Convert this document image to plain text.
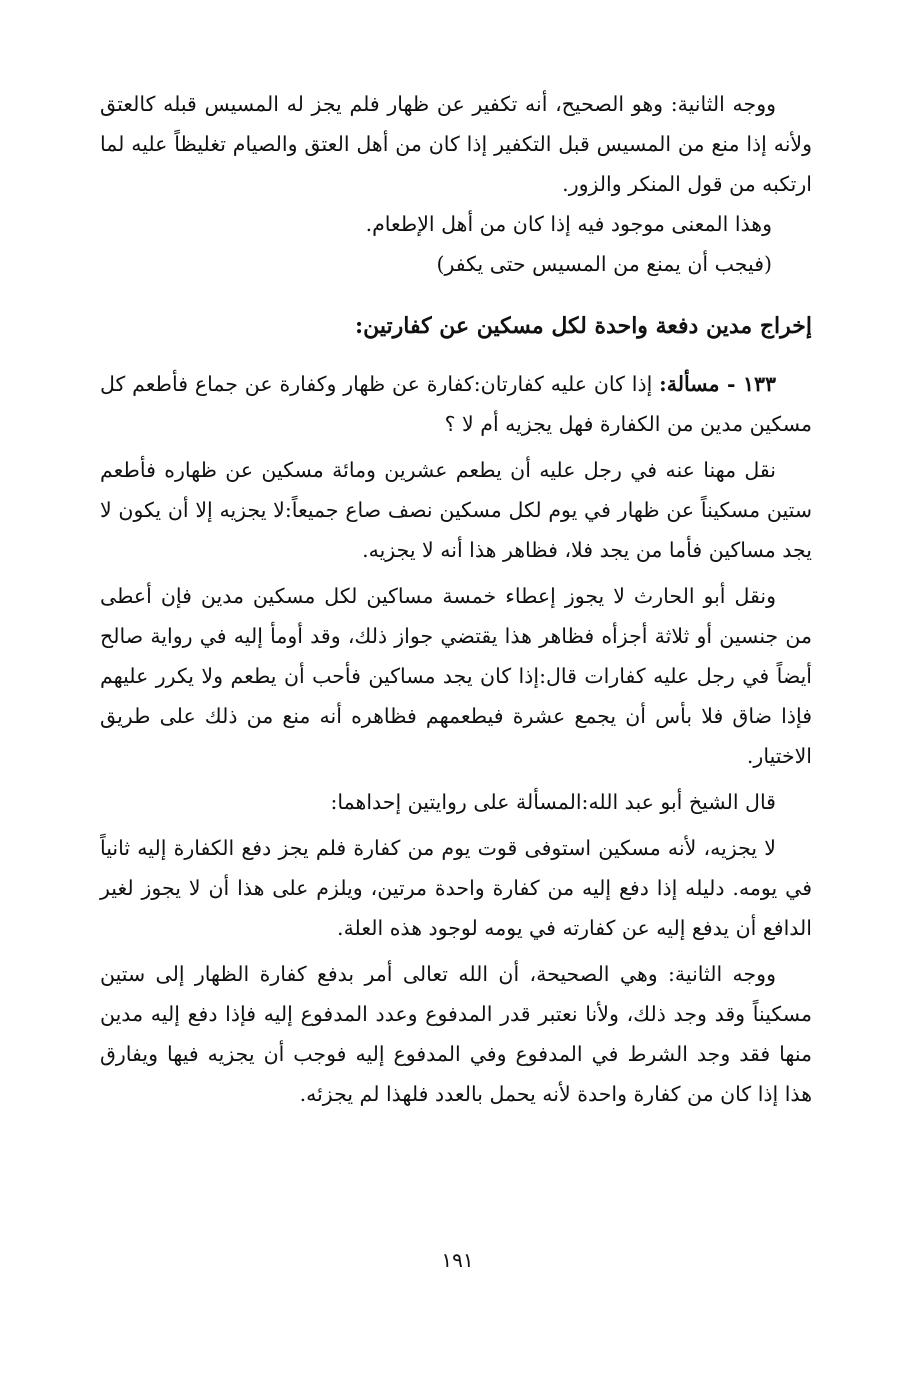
ووجه الثانية: وهو الصحيح، أنه تكفير عن ظهار فلم يجز له المسيس قبله كالعتق ولأنه إذا منع من المسيس قبل التكفير إذا كان من أهل العتق والصيام تغليظاً عليه لما ارتكبه من قول المنكر والزور.

وهذا المعنى موجود فيه إذا كان من أهل الإطعام.

(فيجب أن يمنع من المسيس حتى يكفر)

إخراج مدين دفعة واحدة لكل مسكين عن كفارتين:

١٣٣ - مسألة: إذا كان عليه كفارتان:كفارة عن ظهار وكفارة عن جماع فأطعم كل مسكين مدين من الكفارة فهل يجزيه أم لا ؟

نقل مهنا عنه في رجل عليه أن يطعم عشرين ومائة مسكين عن ظهاره فأطعم ستين مسكيناً عن ظهار في يوم لكل مسكين نصف صاع جميعاً:لا يجزيه إلا أن يكون لا يجد مساكين فأما من يجد فلا، فظاهر هذا أنه لا يجزيه.

ونقل أبو الحارث لا يجوز إعطاء خمسة مساكين لكل مسكين مدين فإن أعطى من جنسين أو ثلاثة أجزأه فظاهر هذا يقتضي جواز ذلك، وقد أومأ إليه في رواية صالح أيضاً في رجل عليه كفارات قال:إذا كان يجد مساكين فأحب أن يطعم ولا يكرر عليهم فإذا ضاق فلا بأس أن يجمع عشرة فيطعمهم فظاهره أنه منع من ذلك على طريق الاختيار.

قال الشيخ أبو عبد الله:المسألة على روايتين إحداهما:

لا يجزيه، لأنه مسكين استوفى قوت يوم من كفارة فلم يجز دفع الكفارة إليه ثانياً في يومه. دليله إذا دفع إليه من كفارة واحدة مرتين، ويلزم على هذا أن لا يجوز لغير الدافع أن يدفع إليه عن كفارته في يومه لوجود هذه العلة.

ووجه الثانية: وهي الصحيحة، أن الله تعالى أمر بدفع كفارة الظهار إلى ستين مسكيناً وقد وجد ذلك، ولأنا نعتبر قدر المدفوع وعدد المدفوع إليه فإذا دفع إليه مدين منها فقد وجد الشرط في المدفوع وفي المدفوع إليه فوجب أن يجزيه فيها ويفارق هذا إذا كان من كفارة واحدة لأنه يحمل بالعدد فلهذا لم يجزئه.

١٩١
